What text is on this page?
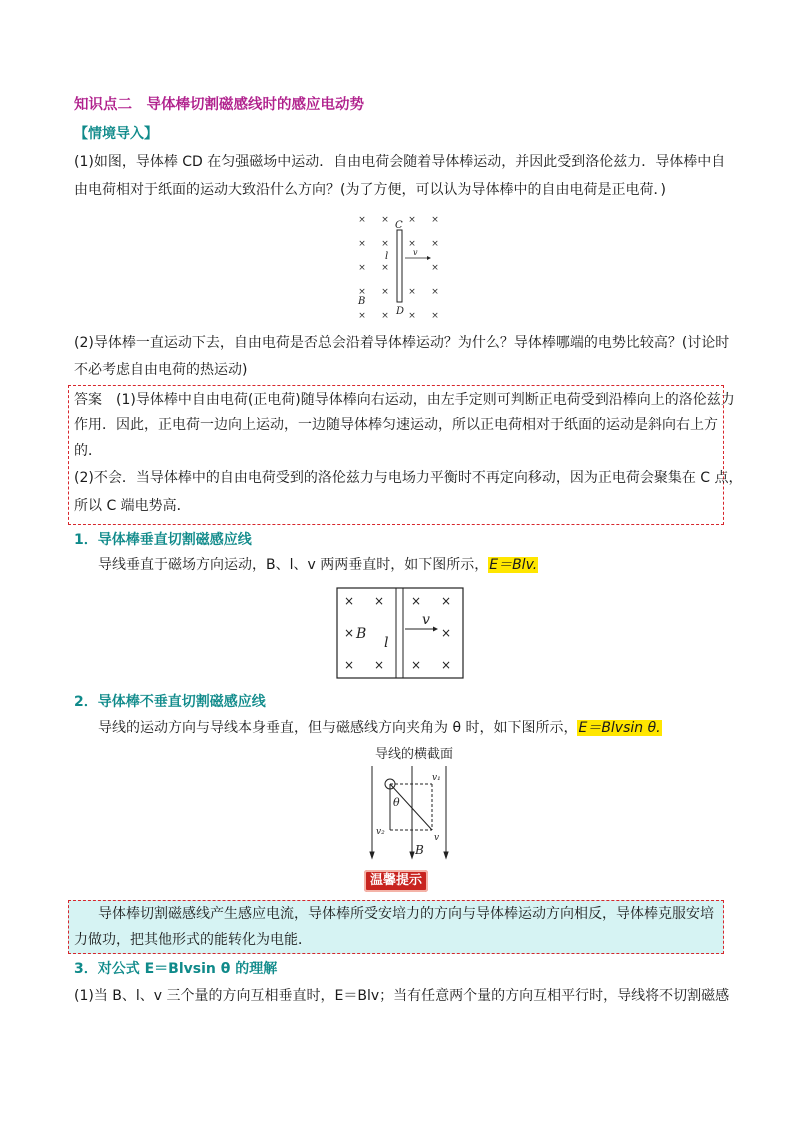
知识点二　导体棒切割磁感线时的感应电动势
【情境导入】
(1)如图，导体棒 CD 在匀强磁场中运动．自由电荷会随着导体棒运动，并因此受到洛伦兹力．导体棒中自
由电荷相对于纸面的运动大致沿什么方向？(为了方便，可以认为导体棒中的自由电荷是正电荷．)
× × × ×
× × × ×
× ×	×
× × × ×
× × × ×
C
D
l	v
B
(2)导体棒一直运动下去，自由电荷是否总会沿着导体棒运动？为什么？导体棒哪端的电势比较高？(讨论时
不必考虑自由电荷的热运动)
答案　(1)导体棒中自由电荷(正电荷)随导体棒向右运动，由左手定则可判断正电荷受到沿棒向上的洛伦兹力
作用．因此，正电荷一边向上运动，一边随导体棒匀速运动，所以正电荷相对于纸面的运动是斜向右上方
的．
(2)不会．当导体棒中的自由电荷受到的洛伦兹力与电场力平衡时不再定向移动，因为正电荷会聚集在 C 点，
所以 C 端电势高．
1．导体棒垂直切割磁感应线
导线垂直于磁场方向运动，B、l、v 两两垂直时，如下图所示，E＝Blv.
× × × ×
×	×
× × × ×
B
l
v
2．导体棒不垂直切割磁感应线
导线的运动方向与导线本身垂直，但与磁感线方向夹角为 θ 时，如下图所示，E＝Blvsin θ.
导线的横截面
v₁
v₂
v
θ
B
温馨提示
导体棒切割磁感线产生感应电流，导体棒所受安培力的方向与导体棒运动方向相反，导体棒克服安培
力做功，把其他形式的能转化为电能．
3．对公式 E＝Blvsin θ 的理解
(1)当 B、l、v 三个量的方向互相垂直时，E＝Blv；当有任意两个量的方向互相平行时，导线将不切割磁感
